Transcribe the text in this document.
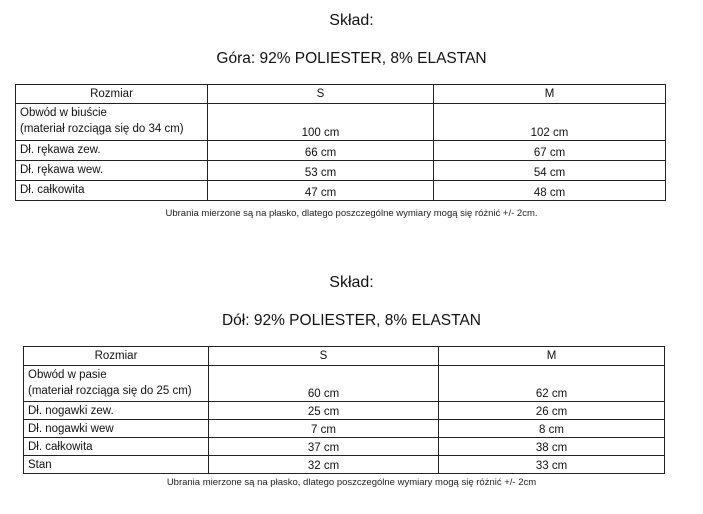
Skład:
Góra: 92% POLIESTER, 8% ELASTAN
Rozmiar	S	M
Obwód w biuście
(materiał rozciąga się do 34 cm)	100 cm	102 cm
Dł. rękawa zew.	66 cm	67 cm
Dł. rękawa wew.	53 cm	54 cm
Dł. całkowita	47 cm	48 cm
Ubrania mierzone są na płasko, dlatego poszczególne wymiary mogą się różnić +/- 2cm.
Skład:
Dół: 92% POLIESTER, 8% ELASTAN
Rozmiar	S	M
Obwód w pasie
(materiał rozciąga się do 25 cm)	60 cm	62 cm
Dł. nogawki zew.	25 cm	26 cm
Dł. nogawki wew	7 cm	8 cm
Dł. całkowita	37 cm	38 cm
Stan	32 cm	33 cm
Ubrania mierzone są na płasko, dlatego poszczególne wymiary mogą się różnić +/- 2cm
